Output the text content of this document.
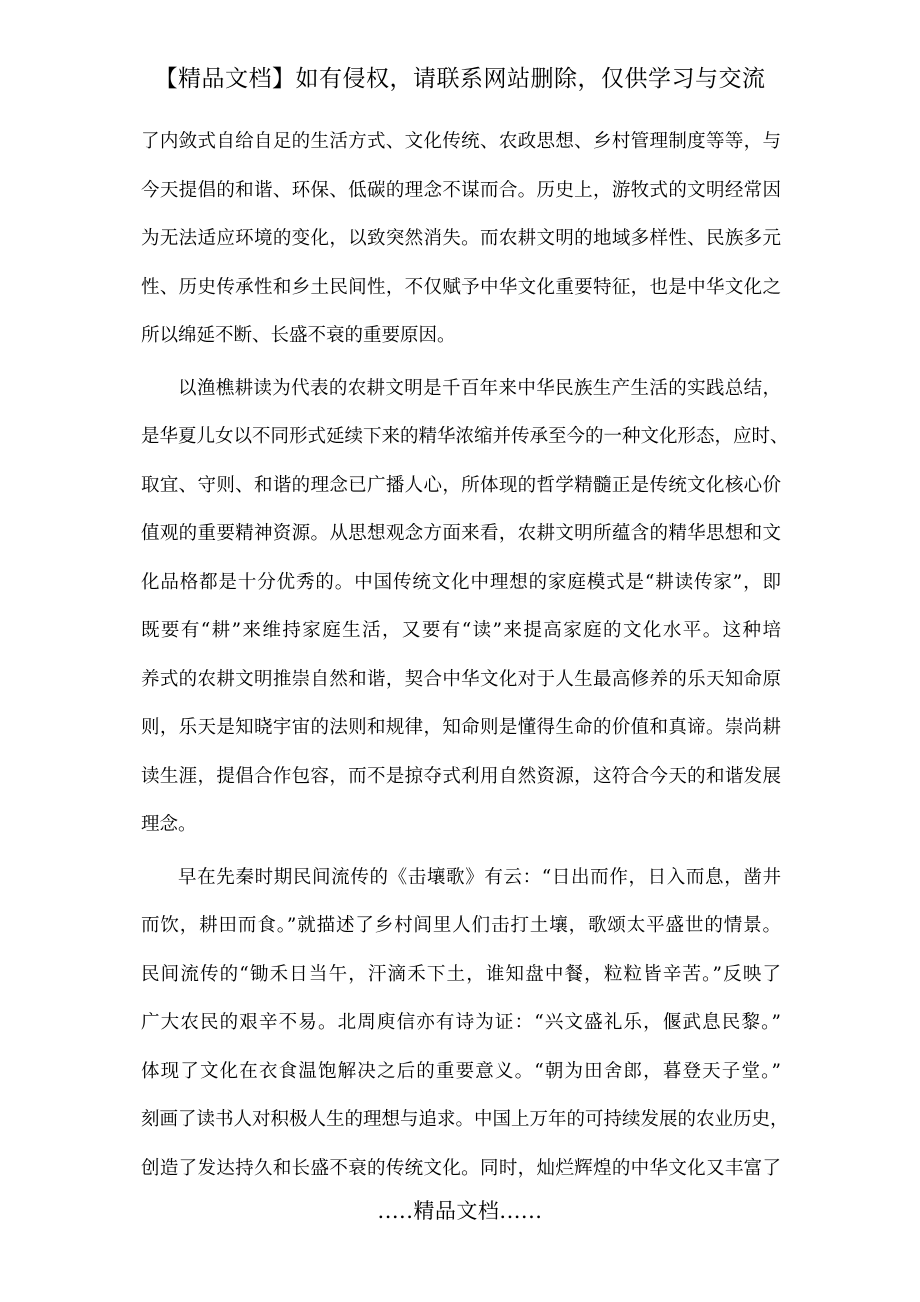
【精品文档】如有侵权，请联系网站删除，仅供学习与交流
了内敛式自给自足的生活方式、文化传统、农政思想、乡村管理制度等等，与
今天提倡的和谐、环保、低碳的理念不谋而合。历史上，游牧式的文明经常因
为无法适应环境的变化，以致突然消失。而农耕文明的地域多样性、民族多元
性、历史传承性和乡土民间性，不仅赋予中华文化重要特征，也是中华文化之
所以绵延不断、长盛不衰的重要原因。
以渔樵耕读为代表的农耕文明是千百年来中华民族生产生活的实践总结，
是华夏儿女以不同形式延续下来的精华浓缩并传承至今的一种文化形态，应时、
取宜、守则、和谐的理念已广播人心，所体现的哲学精髓正是传统文化核心价
值观的重要精神资源。从思想观念方面来看，农耕文明所蕴含的精华思想和文
化品格都是十分优秀的。中国传统文化中理想的家庭模式是“耕读传家”，即
既要有“耕”来维持家庭生活，又要有“读”来提高家庭的文化水平。这种培
养式的农耕文明推崇自然和谐，契合中华文化对于人生最高修养的乐天知命原
则，乐天是知晓宇宙的法则和规律，知命则是懂得生命的价值和真谛。崇尚耕
读生涯，提倡合作包容，而不是掠夺式利用自然资源，这符合今天的和谐发展
理念。
早在先秦时期民间流传的《击壤歌》有云：“日出而作，日入而息，凿井
而饮，耕田而食。”就描述了乡村闾里人们击打土壤，歌颂太平盛世的情景。
民间流传的“锄禾日当午，汗滴禾下土，谁知盘中餐，粒粒皆辛苦。”反映了
广大农民的艰辛不易。北周庾信亦有诗为证：“兴文盛礼乐，偃武息民黎。”
体现了文化在衣食温饱解决之后的重要意义。“朝为田舍郎，暮登天子堂。”
刻画了读书人对积极人生的理想与追求。中国上万年的可持续发展的农业历史，
创造了发达持久和长盛不衰的传统文化。同时，灿烂辉煌的中华文化又丰富了
.....精品文档......
